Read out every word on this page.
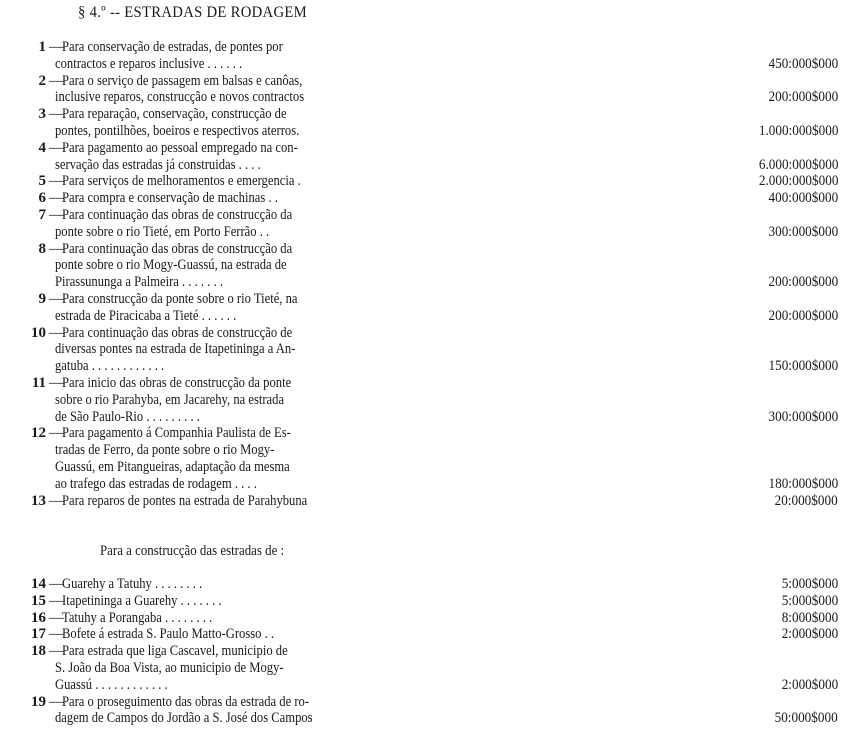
§ 4.º -- ESTRADAS DE RODAGEM
1 —
Para conservação de estradas, de pontes por
contractos e reparos inclusive . . . . . .	450:000$000
2 —
Para o serviço de passagem em balsas e canôas,
inclusive reparos, construcção e novos contractos	200:000$000
3 —
Para reparação, conservação, construcção de
pontes, pontilhões, boeiros e respectivos aterros.	1.000:000$000
4 —
Para pagamento ao pessoal empregado na con-
servação das estradas já construidas . . . .	6.000:000$000
5 —
Para serviços de melhoramentos e emergencia .	2.000:000$000
6 —
Para compra e conservação de machinas . .	400:000$000
7 —
Para continuação das obras de construcção da
ponte sobre o rio Tieté, em Porto Ferrão . .	300:000$000
8 —
Para continuação das obras de construcção da
ponte sobre o rio Mogy-Guassú, na estrada de
Pirassununga a Palmeira . . . . . . .	200:000$000
9 —
Para construcção da ponte sobre o rio Tieté, na
estrada de Piracicaba a Tieté . . . . . .	200:000$000
10 —
Para continuação das obras de construcção de
diversas pontes na estrada de Itapetininga a An-
gatuba . . . . . . . . . . . .	150:000$000
11 —
Para inicio das obras de construcção da ponte
sobre o rio Parahyba, em Jacarehy, na estrada
de São Paulo-Rio . . . . . . . . .	300:000$000
12 —
Para pagamento á Companhia Paulista de Es-
tradas de Ferro, da ponte sobre o rio Mogy-
Guassú, em Pitangueiras, adaptação da mesma
ao trafego das estradas de rodagem . . . .	180:000$000
13 —
Para reparos de pontes na estrada de Parahybuna	20:000$000
Para a construcção das estradas de :
14 —
Guarehy a Tatuhy . . . . . . . .	5:000$000
15 —
Itapetininga a Guarehy . . . . . . .	5:000$000
16 —
Tatuhy a Porangaba . . . . . . . .	8:000$000
17 —
Bofete á estrada S. Paulo Matto-Grosso . .	2:000$000
18 —
Para estrada que liga Cascavel, municipio de
S. João da Boa Vista, ao municipio de Mogy-
Guassú . . . . . . . . . . . .	2:000$000
19 —
Para o proseguimento das obras da estrada de ro-
dagem de Campos do Jordão a S. José dos Campos	50:000$000
